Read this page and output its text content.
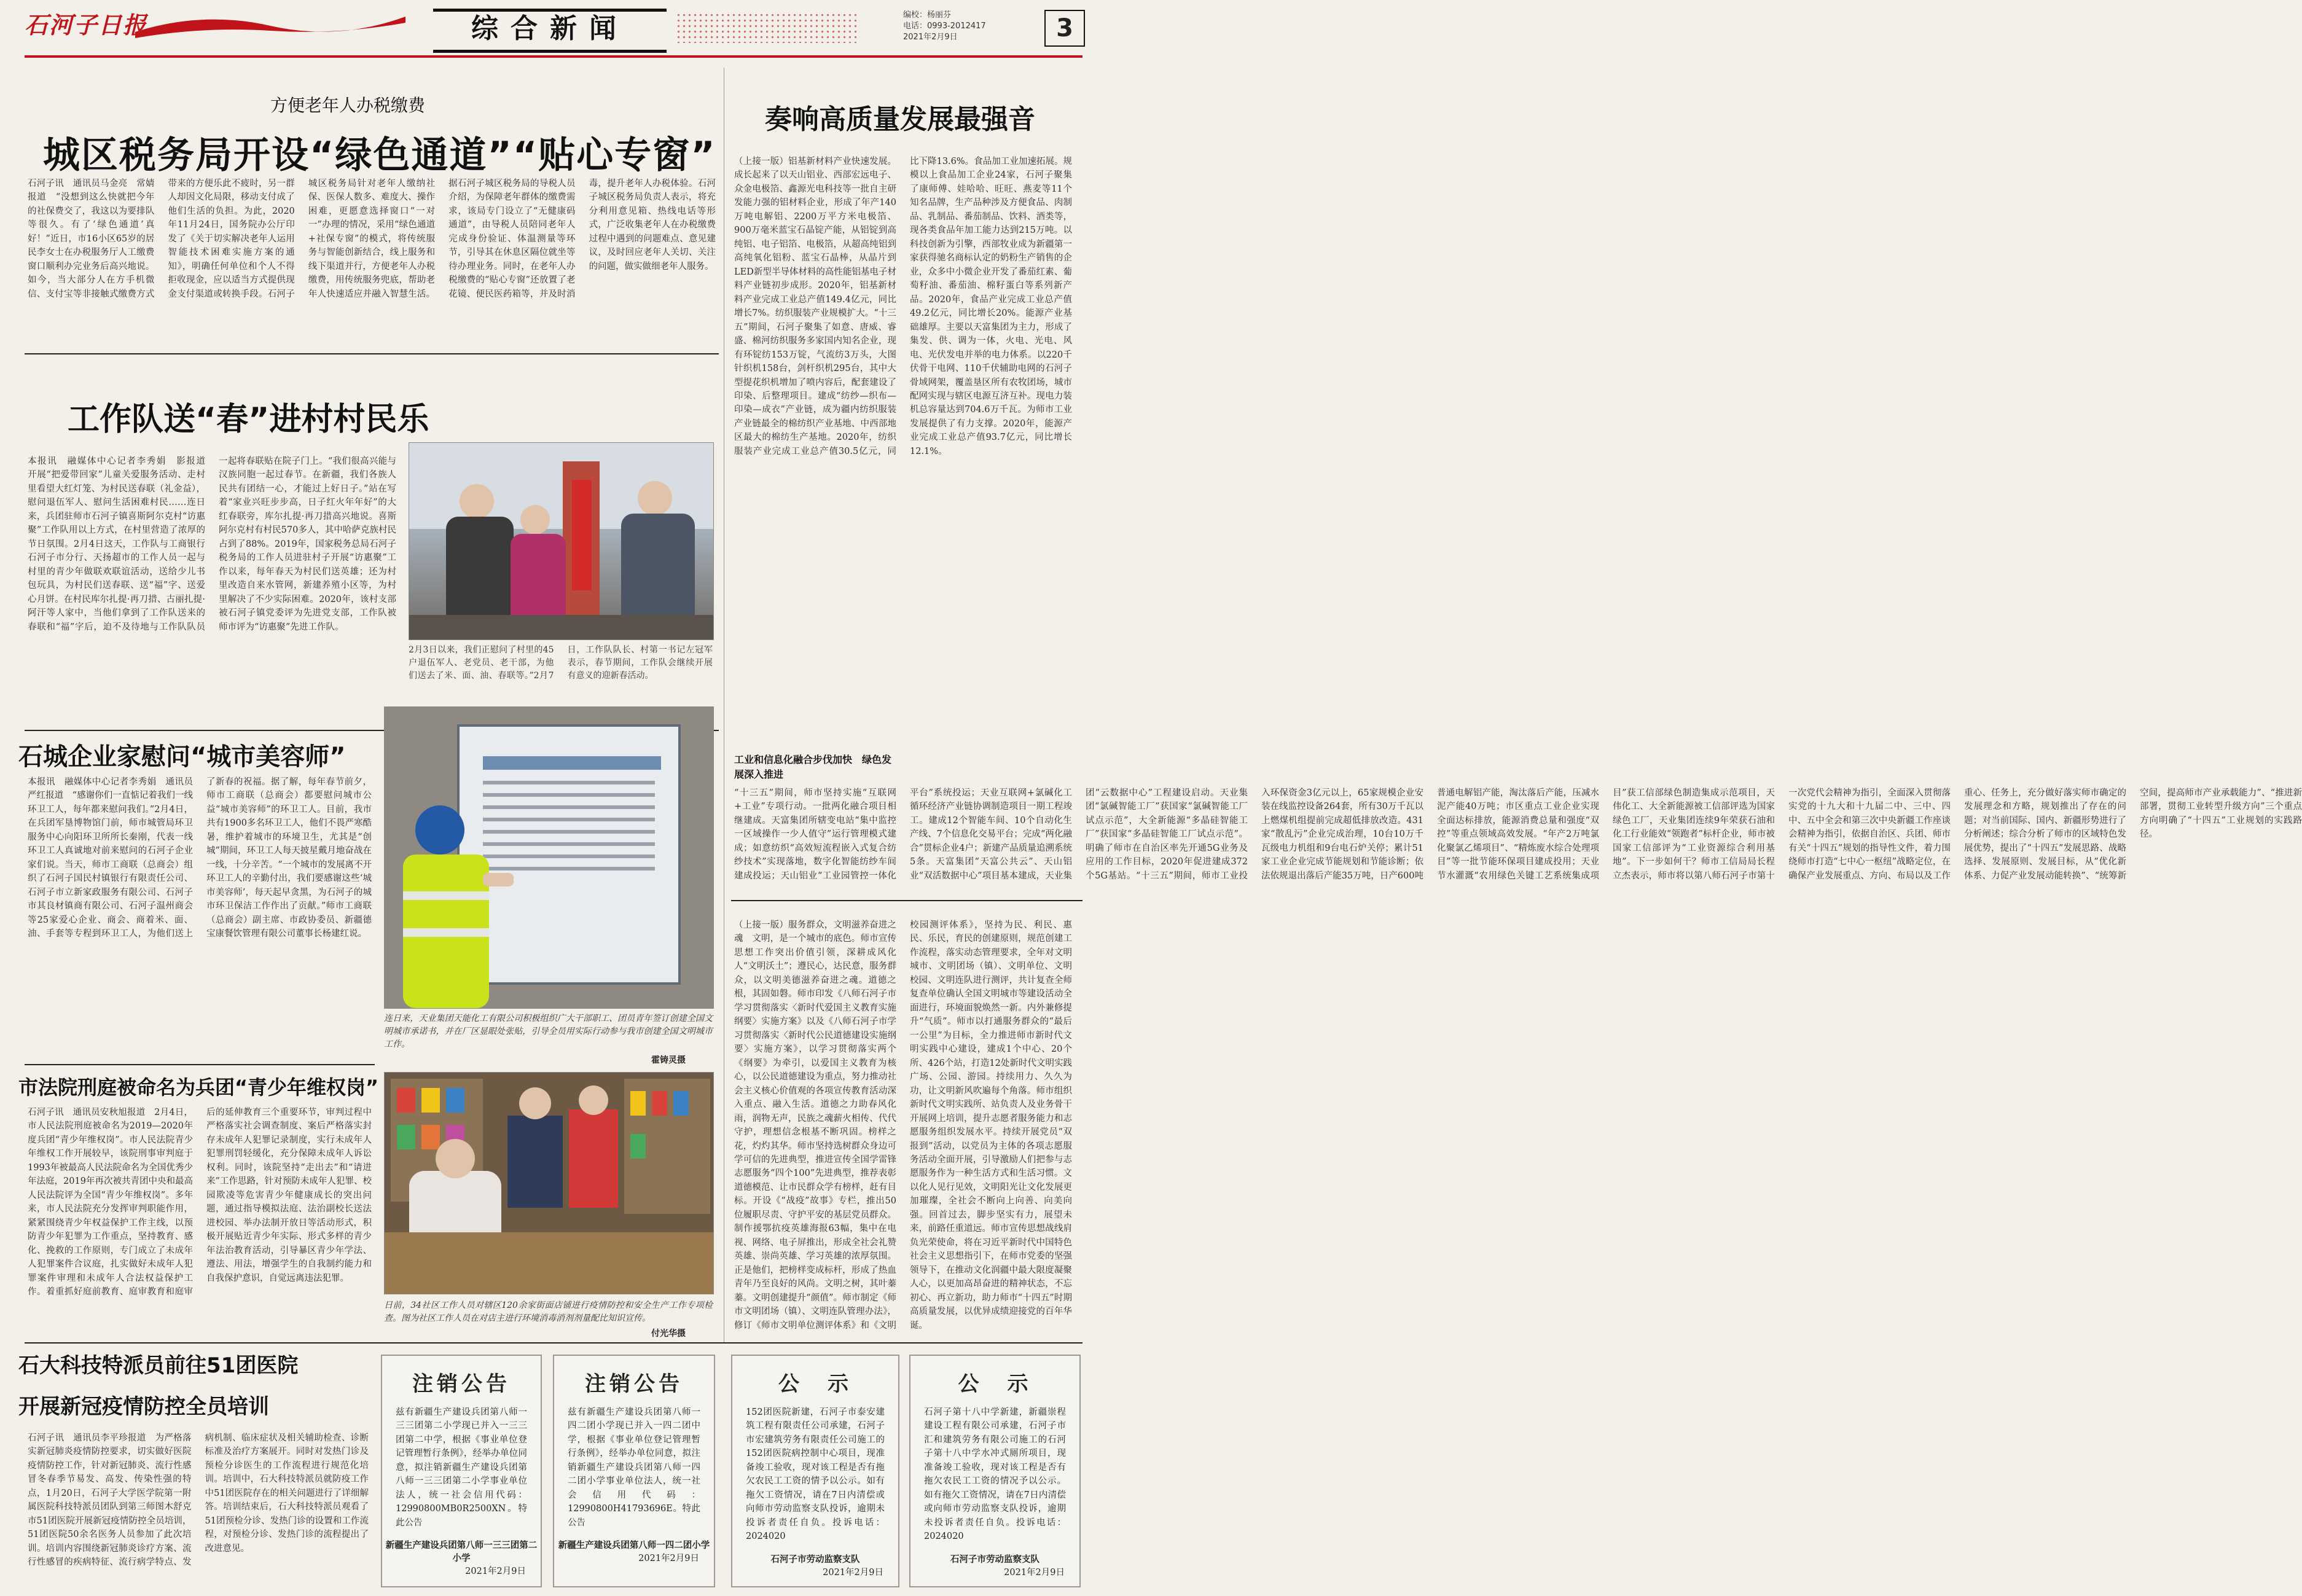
石河子日报	综合新闻	编校：杨丽芬
电话：0993-2012417
2021年2月9日	3
方便老年人办税缴费
城区税务局开设“绿色通道”“贴心专窗”
石河子讯　通讯员马金亮　常婧报道　“没想到这么快就把今年的社保费交了，我这以为要排队等很久。有了‘绿色通道’真好！”近日，市16小区65岁的居民李女士在办税服务厅人工缴费窗口顺利办完业务后高兴地说。如今，当大部分人在方手机微信、支付宝等非接触式缴费方式带来的方便乐此不疲时，另一群人却因文化局限，移动支付成了他们生活的负担。为此，2020年11月24日，国务院办公厅印发了《关于切实解决老年人运用智能技术困难实施方案的通知》，明确任何单位和个人不得拒收现金，应以适当方式提供现金支付渠道或转换手段。石河子城区税务局针对老年人缴纳社保、医保人数多、难度大、操作困难，更愿意选择窗口“一对一”办理的情况，采用“绿色通道+社保专窗”的模式，将传统服务与智能创新结合，线上服务和线下渠道并行，方便老年人办税缴费，用传统服务兜底，帮助老年人快速适应并融入智慧生活。据石河子城区税务局的导税人员介绍，为保障老年群体的缴费需求，该局专门设立了“无健康码通道”，由导税人员陪同老年人完成身份验证、体温测量等环节，引导其在休息区隔位就坐等待办理业务。同时，在老年人办税缴费的“贴心专窗”还放置了老花镜、便民医药箱等，并及时消毒，提升老年人办税体验。石河子城区税务局负责人表示，将充分利用意见箱、热线电话等形式，广泛收集老年人在办税缴费过程中遇到的问题难点、意见建议，及时回应老年人关切、关注的问题，做实做细老年人服务。
工作队送“春”进村村民乐
本报讯　融媒体中心记者李秀娟　影报道　开展“把爱带回家”儿童关爱服务活动、走村里看望大红灯笼、为村民送春联（礼金益），慰问退伍军人、慰问生活困难村民……连日来，兵团驻师市石河子镇喜斯阿尔克村“访惠聚”工作队用以上方式，在村里营造了浓厚的节日氛围。2月4日这天，工作队与工商银行石河子市分行、天扬超市的工作人员一起与村里的青少年做联欢联谊活动，送给少儿书包玩具，为村民们送春联、送“福”字、送爱心月饼。在村民库尔扎提·再刀措、古丽扎提·阿汗等人家中，当他们拿到了工作队送来的春联和“福”字后，迫不及待地与工作队队员一起将春联贴在院子门上。“我们很高兴能与汉族同胞一起过春节。在新疆，我们各族人民共有团结一心，才能过上好日子。”站在写着“家业兴旺步步高，日子红火年年好”的大红春联旁，库尔扎提·再刀措高兴地说。喜斯阿尔克村有村民570多人，其中哈萨克族村民占到了88%。2019年，国家税务总局石河子税务局的工作人员进驻村子开展“访惠聚”工作以来，每年春天为村民们送英雄；还为村里改造自来水管网，新建养殖小区等，为村里解决了不少实际困难。2020年，该村支部被石河子镇党委评为先进党支部，工作队被师市评为“访惠聚”先进工作队。
2月3日以来，我们正慰问了村里的45户退伍军人、老党员、老干部，为他们送去了米、面、油、春联等。”2月7日，工作队队长、村第一书记左冠军表示，春节期间，工作队会继续开展有意义的迎新春活动。
石城企业家慰问“城市美容师”
本报讯　融媒体中心记者李秀娟　通讯员严红报道　“感谢你们一直惦记着我们一线环卫工人，每年都来慰问我们。”2月4日，在兵团军垦博物馆门前，师市城管局环卫服务中心向阳环卫所所长秦刚，代表一线环卫工人真诚地对前来慰问的石河子企业家们说。当天，师市工商联（总商会）组织了石河子国民村镇银行有限责任公司、石河子市立新家政服务有限公司、石河子市其良材镇商有限公司、石河子温州商会等25家爱心企业、商会、商着米、面、油、手套等专程到环卫工人，为他们送上了新春的祝福。据了解，每年春节前夕，师市工商联（总商会）都要慰问城市公益“城市美容师”的环卫工人。目前，我市共有1900多名环卫工人，他们不畏严寒酷暑，维护着城市的环境卫生，尤其是“创城”期间，环卫工人每天披星戴月地奋战在一线，十分辛苦。“一个城市的发展离不开环卫工人的辛勤付出，我们要感谢这些‘城市美容师’，每天起早贪黑，为石河子的城市环卫保洁工作作出了贡献。”师市工商联（总商会）副主席、市政协委员、新疆德宝康餐饮管理有限公司董事长杨建红说。
连日来，天业集团天能化工有限公司积极组织广大干部职工、团员青年签订创建全国文明城市承诺书，并在厂区显眼处张贴，引导全员用实际行动参与我市创建全国文明城市工作。
霍铸灵摄
市法院刑庭被命名为兵团“青少年维权岗”
石河子讯　通讯员安秋旭报道　2月4日，市人民法院刑庭被命名为2019—2020年度兵团“青少年维权岗”。市人民法院青少年维权工作开展较早，该院刑事审判庭于1993年被最高人民法院命名为全国优秀少年法庭，2019年再次被共青团中央和最高人民法院评为全国“青少年维权岗”。多年来，市人民法院充分发挥审判职能作用，紧紧围绕青少年权益保护工作主线，以预防青少年犯罪为工作重点，坚持教育、感化、挽救的工作原则，专门成立了未成年人犯罪案件合议庭，扎实做好未成年人犯罪案件审理和未成年人合法权益保护工作。着重抓好庭前教育、庭审教育和庭审后的延伸教育三个重要环节，审判过程中严格落实社会调查制度、案后严格落实封存未成年人犯罪记录制度，实行未成年人犯罪刑罚轻缓化，充分保障未成年人诉讼权利。同时，该院坚持“走出去”和“请进来”工作思路，针对预防未成年人犯罪、校园欺凌等危害青少年健康成长的突出问题，通过指导模拟法庭、法治副校长送法进校园、举办法制开放日等活动形式，积极开展贴近青少年实际、形式多样的青少年法治教育活动，引导暴区青少年学法、遵法、用法，增强学生的自我制约能力和自我保护意识，自觉远离违法犯罪。
日前，34社区工作人员对辖区120余家街面店铺进行疫情防控和安全生产工作专项检查。图为社区工作人员在对店主进行环境消毒消剂剂量配比知识宣传。
付光华摄
奏响高质量发展最强音
（上接一版）铝基新材料产业快速发展。成长起来了以天山铝业、西部宏远电子、众金电极箔、鑫源光电科技等一批自主研发能力强的铝材料企业，形成了年产140万吨电解铝、2200万平方米电极箔、900万毫米蓝宝石晶锭产能，从铝锭到高纯铝、电子铝箔、电极箔，从超高纯铝到高纯氧化铝粉、蓝宝石晶棒，从晶片到LED新型半导体材料的高性能铝基电子材料产业链初步成形。2020年，铝基新材料产业完成工业总产值149.4亿元，同比增长7%。纺织服装产业规模扩大。“十三五”期间，石河子聚集了如意、唐威、睿盛、棉河纺织服务多家国内知名企业，现有环锭纺153万锭，气流纺3万头，大图针织机158台，剑杆织机295台，其中大型提花织机增加了喷内容后，配套建设了印染、后整理项目。建成“纺纱—织布—印染—成衣”产业链，成为疆内纺织服装产业链最全的棉纺织产业基地、中西部地区最大的棉纺生产基地。2020年，纺织服装产业完成工业总产值30.5亿元，同比下降13.6%。食品加工业加速拓展。规模以上食品加工企业24家，石河子聚集了康师傅、娃哈哈、旺旺、燕麦等11个知名品牌，生产品种涉及方便食品、肉制品、乳制品、番茄制品、饮料、酒类等，现各类食品年加工能力达到215万吨。以科技创新为引擎，西部牧业成为新疆第一家获得驰名商标认定的奶粉生产销售的企业，众多中小微企业开发了番茄红素、葡萄籽油、番茄油、棉籽蛋白等系列新产品。2020年，食品产业完成工业总产值49.2亿元，同比增长20%。能源产业基础雄厚。主要以天富集团为主力，形成了集发、供、调为一体，火电、光电、风电、光伏发电并举的电力体系。以220千伏骨干电网、110千伏辅助电网的石河子骨域网架，覆盖垦区所有农牧团场，城市配网实现与辖区电源互济互补。现电力装机总容量达到704.6万千瓦。为师市工业发展提供了有力支撑。2020年，能源产业完成工业总产值93.7亿元，同比增长12.1%。
工业和信息化融合步伐加快　绿色发展深入推进
“十三五”期间，师市坚持实施“互联网+工业”专项行动。一批两化融合项目相继建成。天富集团所辖变电站“集中监控一区域操作一少人值守”运行管理模式建成；如意纺织“高效短流程嵌入式复合纺纱技术”实现落地，数字化智能纺纱车间建成投运；天山铝业“工业园管控一体化平台”系统投运；天业互联网+氯碱化工循环经济产业链协调制造项目一期工程竣工。建成12个智能车间、10个自动化生产线、7个信息化交易平台；完成“两化融合”贯标企业4户；新建产品质量追溯系统5条。天富集团“天富公共云”、天山铝业“双活数据中心”项目基本建成，天业集团“云数据中心”工程建设启动。天业集团“氯碱智能工厂”获国家“氯碱智能工厂试点示范”，大全新能源“多晶硅智能工厂”获国家“多晶硅智能工厂试点示范”。明确了师市在自治区率先开通5G业务及应用的工作目标，2020年促进建成372个5G基站。“十三五”期间，师市工业投入环保资金3亿元以上，65家规模企业安装在线监控设备264套，所有30万千瓦以上燃煤机组提前完成超低排放改造。431家“散乱污”企业完成治理，10台10万千瓦级电力机组和9台电石炉关停；累计51家工业企业完成节能规划和节能诊断；依法依规退出落后产能35万吨，日产600吨普通电解铝产能，淘汰落后产能，压减水泥产能40万吨；市区重点工业企业实现全面达标排放，能源消费总量和强度“双控”等重点领域高效发展。“年产2万吨氯化聚氯乙烯项目”、“精炼废水综合处理项目”等一批节能环保项目建成投用；天业节水灌溉“农用绿色关键工艺系统集成项目”获工信部绿色制造集成示范项目，天伟化工、大全新能源被工信部评选为国家绿色工厂，天业集团连续9年荣获石油和化工行业能效“领跑者”标杆企业，师市被国家工信部评为“工业资源综合利用基地”。下一步如何干？师市工信局局长程立杰表示，师市将以第八师石河子市第十一次党代会精神为指引，全面深入贯彻落实党的十九大和十九届二中、三中、四中、五中全会和第三次中央新疆工作座谈会精神为指引，依据自治区、兵团、师市有关“十四五”规划的指导性文件，着力围绕师市打造“七中心一枢纽”战略定位，在确保产业发展重点、方向、布局以及工作重心、任务上，充分做好落实师市确定的发展理念和方略，规划推出了存在的问题；对当前国际、国内、新疆形势进行了分析阐述；综合分析了师市的区域特色发展优势，提出了“十四五”发展思路、战略选择、发展原则、发展目标，从“优化新体系、力促产业发展动能转换”、“统筹新空间，提高师市产业承载能力”、“推进新部署，贯彻工业转型升级方向”三个重点方向明确了“十四五”工业规划的实践路径。
（上接一版）服务群众，文明滋养奋进之魂　文明，是一个城市的底色。师市宣传思想工作突出价值引领，深耕成风化人“文明沃土”；遵民心，达民意，服务群众，以文明美德滋养奋进之魂。道德之根，其固如磐。师市印发《八师石河子市学习贯彻落实〈新时代爱国主义教育实施纲要〉实施方案》以及《八师石河子市学习贯彻落实〈新时代公民道德建设实施纲要〉实施方案》，以学习贯彻落实两个《纲要》为牵引，以爱国主义教育为核心，以公民道德建设为重点，努力推动社会主义核心价值观的各项宣传教育活动深入重点、融入生活。道德之力助春风化雨，润物无声，民族之魂薪火相传、代代守护，理想信念根基不断巩固。榜样之花，灼灼其华。师市坚持选树群众身边可学可信的先进典型，推进宣传全国学雷锋志愿服务“四个100”先进典型，推荐表彰道德模范、让市民群众学有榜样，赶有目标。开设《“战疫”故事》专栏，推出50位履职尽责、守护平安的基层党员群众。制作援鄂抗疫英雄海报63幅，集中在电视、网络、电子屏推出，形成全社会礼赞英雄、崇尚英雄、学习英雄的浓厚氛围。正是他们，把榜样变成标杆，形成了热血青年乃至良好的风尚。文明之树，其叶蓁蓁。文明创建提升“颜值”。师市制定《师市文明团场（镇）、文明连队管理办法》，修订《师市文明单位测评体系》和《文明校园测评体系》，坚持为民、利民、惠民、乐民，育民的创建原则，规范创建工作流程，落实动态管理要求，全年对文明城市、文明团场（镇）、文明单位、文明校园、文明连队进行测评，共计复查全师复查单位确认全国文明城市等建设活动全面进行，环境面貌焕然一新。内外兼修提升“气质”。师市以打通服务群众的“最后一公里”为目标，全力推进师市新时代文明实践中心建设，建成1个中心、20个所、426个站，打造12处新时代文明实践广场、公园、游园。持续用力、久久为功，让文明新风吹遍每个角落。师市组织新时代文明实践所、站负责人及业务骨干开展网上培训，提升志愿者服务能力和志愿服务组织发展水平。持续开展党员“双报到”活动，以党员为主体的各项志愿服务活动全面开展，引导激励人们把参与志愿服务作为一种生活方式和生活习惯。文以化人见行见效，文明阳光让文化发展更加璀璨，全社会不断向上向善、向美向强。回首过去，脚步坚实有力，展望未来，前路任重道远。师市宣传思想战线肩负光荣使命，将在习近平新时代中国特色社会主义思想指引下，在师市党委的坚强领导下，在推动文化润疆中最大限度凝聚人心，以更加高昂奋进的精神状态，不忘初心、再立新功，助力师市“十四五”时期高质量发展，以优异成绩迎接党的百年华诞。
石大科技特派员前往51团医院
开展新冠疫情防控全员培训
石河子讯　通讯员李平珍报道　为严格落实新冠肺炎疫情防控要求，切实做好医院疫情防控工作，针对新冠肺炎、流行性感冒冬春季节易发、高发、传染性强的特点，1月20日，石河子大学医学院第一附属医院科技特派员团队到第三师图木舒克市51团医院开展新冠疫情防控全员培训，51团医院50余名医务人员参加了此次培训。培训内容围绕新冠肺炎诊疗方案、流行性感冒的疾病特征、流行病学特点、发病机制、临床症状及相关辅助检查、诊断标准及治疗方案展开。同时对发热门诊及预检分诊医生的工作流程进行规范化培训。培训中，石大科技特派员就防疫工作中51团医院存在的相关问题进行了详细解答。培训结束后，石大科技特派员观看了51团预检分诊、发热门诊的设置和工作流程，对预检分诊、发热门诊的流程提出了改进意见。
注销公告
兹有新疆生产建设兵团第八师一三三团第二小学现已并入一三三团第二中学，根据《事业单位登记管理暂行条例》，经举办单位同意，拟注销新疆生产建设兵团第八师一三三团第二小学事业单位法人，统一社会信用代码：12990800MB0R2500XN。特此公告
新疆生产建设兵团第八师一三三团第二小学
2021年2月9日
注销公告
兹有新疆生产建设兵团第八师一四二团小学现已并入一四二团中学，根据《事业单位登记管理暂行条例》，经举办单位同意，拟注销新疆生产建设兵团第八师一四二团小学事业单位法人，统一社会信用代码：12990800H41793696E。特此公告
新疆生产建设兵团第八师一四二团小学
2021年2月9日
公　示
152团医院新建，石河子市泰安建筑工程有限责任公司承建，石河子市宏建筑劳务有限责任公司施工的152团医院病控制中心项目，现准备竣工验收，现对该工程是否有拖欠农民工工资的情予以公示。如有拖欠工资情况，请在7日内清偿或向师市劳动监察支队投诉，逾期未投诉者责任自负。投诉电话：2024020
石河子市劳动监察支队
2021年2月9日
公　示
石河子第十八中学新建，新疆崇程建设工程有限公司承建，石河子市汇和建筑劳务有限公司施工的石河子第十八中学水冲式厕所项目，现准备竣工验收，现对该工程是否有拖欠农民工工资的情况予以公示。如有拖欠工资情况，请在7日内清偿或向师市劳动监察支队投诉，逾期未投诉者责任自负。投诉电话：2024020
石河子市劳动监察支队
2021年2月9日
